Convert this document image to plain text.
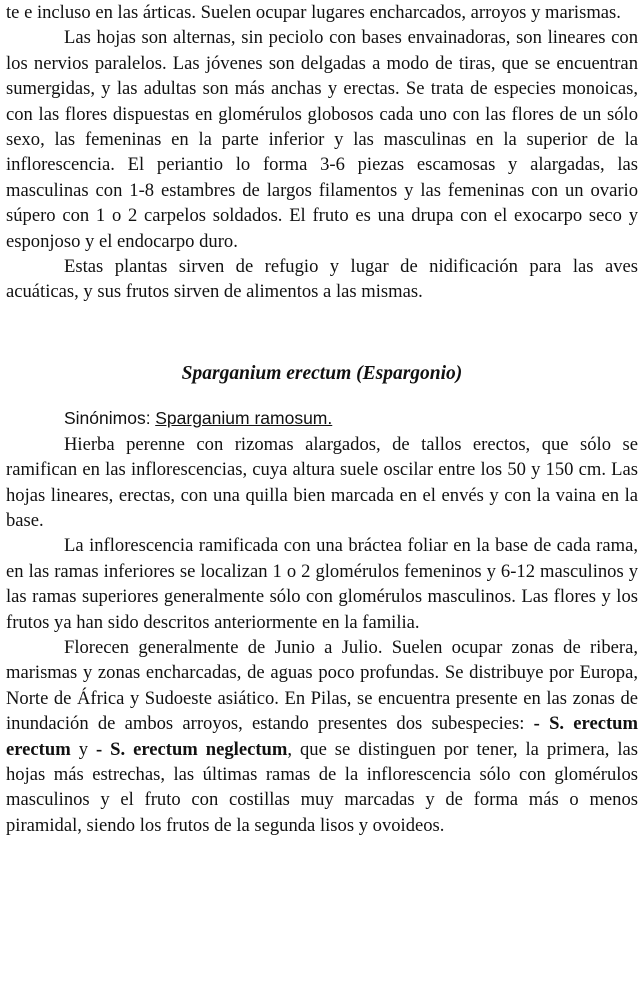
te e incluso en las árticas. Suelen ocupar lugares encharcados, arroyos y marismas.

Las hojas son alternas, sin peciolo con bases envainadoras, son lineares con los nervios paralelos. Las jóvenes son delgadas a modo de tiras, que se encuentran sumergidas, y las adultas son más anchas y erectas. Se trata de especies monoicas, con las flores dispuestas en glomérulos globosos cada uno con las flores de un sólo sexo, las femeninas en la parte inferior y las masculinas en la superior de la inflorescencia. El periantio lo forma 3-6 piezas escamosas y alargadas, las masculinas con 1-8 estambres de largos filamentos y las femeninas con un ovario súpero con 1 o 2 carpelos soldados. El fruto es una drupa con el exocarpo seco y esponjoso y el endocarpo duro.

Estas plantas sirven de refugio y lugar de nidificación para las aves acuáticas, y sus frutos sirven de alimentos a las mismas.

Sparganium erectum (Espargonio)

Sinónimos: Sparganium ramosum.

Hierba perenne con rizomas alargados, de tallos erectos, que sólo se ramifican en las inflorescencias, cuya altura suele oscilar entre los 50 y 150 cm. Las hojas lineares, erectas, con una quilla bien marcada en el envés y con la vaina en la base.

La inflorescencia ramificada con una bráctea foliar en la base de cada rama, en las ramas inferiores se localizan 1 o 2 glomérulos femeninos y 6-12 masculinos y las ramas superiores generalmente sólo con glomérulos masculinos. Las flores y los frutos ya han sido descritos anteriormente en la familia.

Florecen generalmente de Junio a Julio. Suelen ocupar zonas de ribera, marismas y zonas encharcadas, de aguas poco profundas. Se distribuye por Europa, Norte de África y Sudoeste asiático. En Pilas, se encuentra presente en las zonas de inundación de ambos arroyos, estando presentes dos subespecies: - S. erectum erectum y - S. erectum neglectum, que se distinguen por tener, la primera, las hojas más estrechas, las últimas ramas de la inflorescencia sólo con glomérulos masculinos y el fruto con costillas muy marcadas y de forma más o menos piramidal, siendo los frutos de la segunda lisos y ovoideos.
